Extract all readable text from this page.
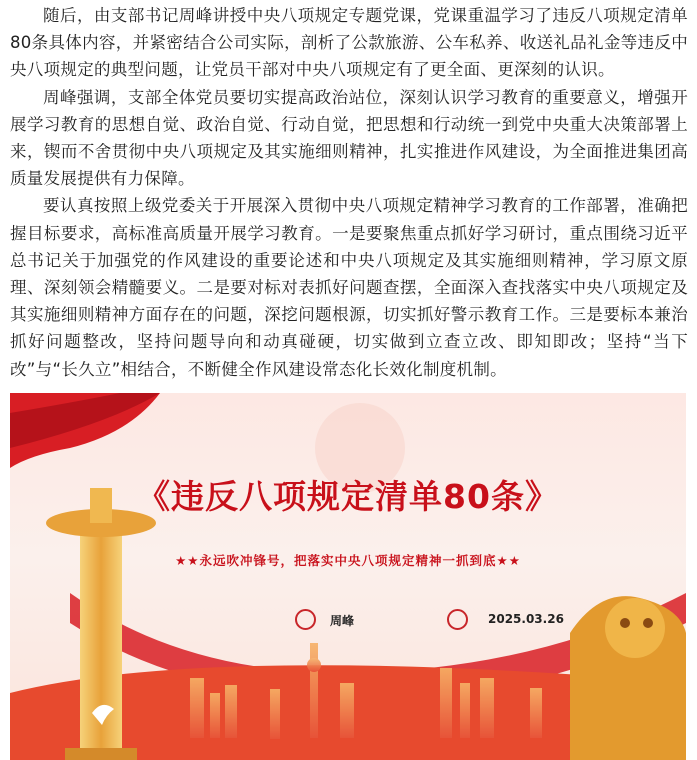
随后，由支部书记周峰讲授中央八项规定专题党课，党课重温学习了违反八项规定清单80条具体内容，并紧密结合公司实际，剖析了公款旅游、公车私养、收送礼品礼金等违反中央八项规定的典型问题，让党员干部对中央八项规定有了更全面、更深刻的认识。

周峰强调，支部全体党员要切实提高政治站位，深刻认识学习教育的重要意义，增强开展学习教育的思想自觉、政治自觉、行动自觉，把思想和行动统一到党中央重大决策部署上来，锲而不舍贯彻中央八项规定及其实施细则精神，扎实推进作风建设，为全面推进集团高质量发展提供有力保障。

要认真按照上级党委关于开展深入贯彻中央八项规定精神学习教育的工作部署，准确把握目标要求，高标准高质量开展学习教育。一是要聚焦重点抓好学习研讨，重点围绕习近平总书记关于加强党的作风建设的重要论述和中央八项规定及其实施细则精神，学习原文原理、深刻领会精髓要义。二是要对标对表抓好问题查摆，全面深入查找落实中央八项规定及其实施细则精神方面存在的问题，深挖问题根源，切实抓好警示教育工作。三是要标本兼治抓好问题整改，坚持问题导向和动真碰硬，切实做到立查立改、即知即改；坚持“当下改”与“长久立”相结合，不断健全作风建设常态化长效化制度机制。

《违反八项规定清单80条》
★★永远吹冲锋号，把落实中央八项规定精神一抓到底★★
周峰	2025.03.26
